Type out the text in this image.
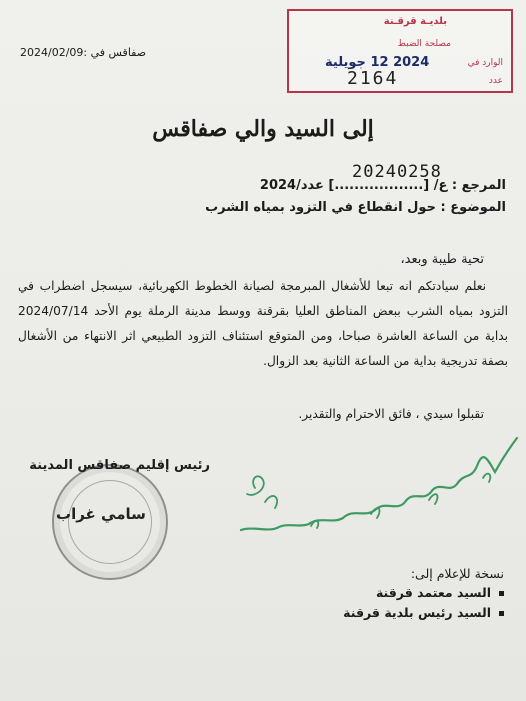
صفاقس في :2024/02/09
بلديـة قرقـنة
مصلحة الضبط
الوارد في
2024 12 جويلية
عدد
2164
إلى السيد والي صفاقس
20240258
المرجع : ع/ [..................] عدد/2024
الموضوع : حول انقطاع في التزود بمياه الشرب
تحية طيبة وبعد،
نعلم سيادتكم انه تبعا للأشغال المبرمجة لصيانة الخطوط الكهربائية، سيسجل اضطراب في التزود بمياه الشرب ببعض المناطق العليا بقرقنة ووسط مدينة الرملة يوم الأحد 2024/07/14 بداية من الساعة العاشرة صباحا، ومن المتوقع استئناف التزود الطبيعي اثر الانتهاء من الأشغال بصفة تدريجية بداية من الساعة الثانية بعد الزوال.
تقبلوا سيدي ، فائق الاحترام والتقدير.
رئيس إقليم صفاقس المدينة
سامي غراب
نسخة للإعلام إلى:
السيد معتمد قرقنة
السيد رئيس بلدية قرقنة
